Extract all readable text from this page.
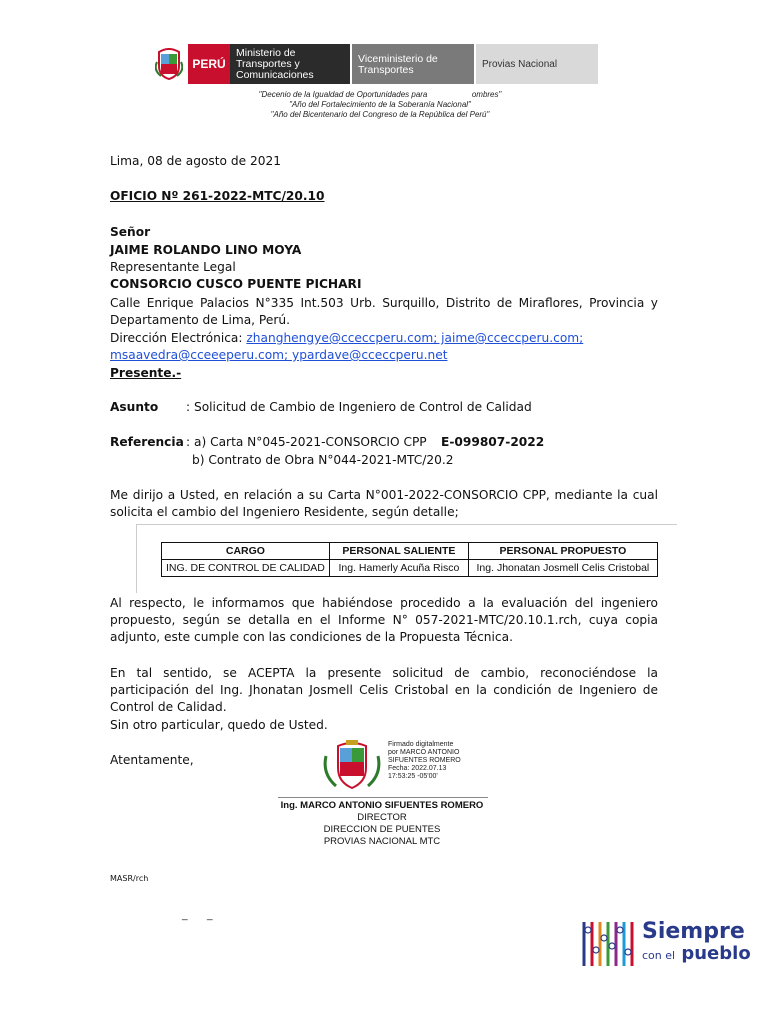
PERÚ
Ministerio de Transportes y Comunicaciones
Viceministerio de Transportes	Provias Nacional
"Decenio de la Igualdad de Oportunidades para                    ombres"
"Año del Fortalecimiento de la Soberanía Nacional"
"Año del Bicentenario del Congreso de la República del Perú"
Lima, 08 de agosto de 2021
OFICIO Nº 261-2022-MTC/20.10
Señor
JAIME ROLANDO LINO MOYA
Representante Legal
CONSORCIO CUSCO PUENTE PICHARI
Calle Enrique Palacios N°335 Int.503 Urb. Surquillo, Distrito de Miraflores, Provincia y Departamento de Lima, Perú.
Dirección Electrónica: zhanghengye@cceccperu.com; jaime@cceccperu.com;
msaavedra@cceeeperu.com; ypardave@cceccperu.net
Presente.-
Asunto : Solicitud de Cambio de Ingeniero de Control de Calidad
Referencia : a) Carta N°045-2021-CONSORCIO CPP E-099807-2022
b) Contrato de Obra N°044-2021-MTC/20.2
Me dirijo a Usted, en relación a su Carta N°001-2022-CONSORCIO CPP, mediante la cual solicita el cambio del Ingeniero Residente, según detalle;
Al respecto, le informamos que habiéndose procedido a la evaluación del ingeniero propuesto, según se detalla en el Informe N° 057-2021-MTC/20.10.1.rch, cuya copia adjunto, este cumple con las condiciones de la Propuesta Técnica.
En tal sentido, se ACEPTA la presente solicitud de cambio, reconociéndose la participación del Ing. Jhonatan Josmell Celis Cristobal en la condición de Ingeniero de Control de Calidad.
Sin otro particular, quedo de Usted.
Atentamente,
CARGO	PERSONAL SALIENTE	PERSONAL PROPUESTO
ING. DE CONTROL DE CALIDAD	Ing. Hamerly Acuña Risco	Ing. Jhonatan Josmell Celis Cristobal
Firmado digitalmente
por MARCO ANTONIO
SIFUENTES ROMERO
Fecha: 2022.07.13
17:53:25 -05'00'
Ing. MARCO ANTONIO SIFUENTES ROMERO
DIRECTOR
DIRECCION DE PUENTES
PROVIAS NACIONAL MTC
MASR/rch
_       _
Siempre
con el pueblo
